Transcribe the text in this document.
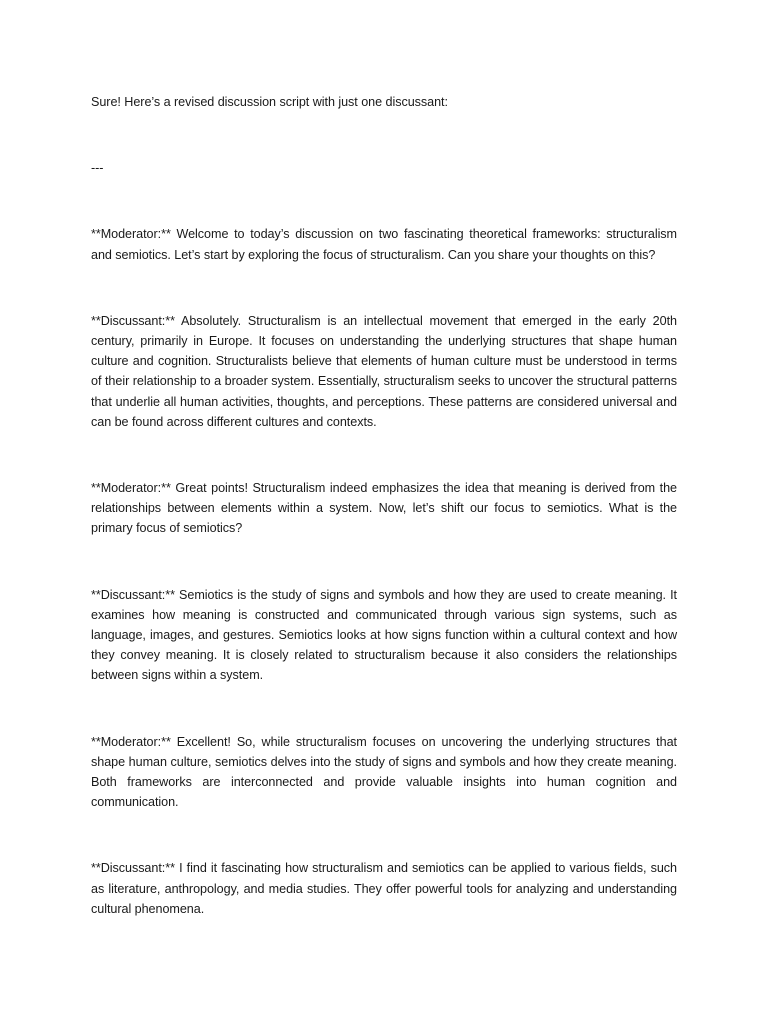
Sure! Here’s a revised discussion script with just one discussant:

---

**Moderator:** Welcome to today’s discussion on two fascinating theoretical frameworks: structuralism and semiotics. Let’s start by exploring the focus of structuralism. Can you share your thoughts on this?

**Discussant:** Absolutely. Structuralism is an intellectual movement that emerged in the early 20th century, primarily in Europe. It focuses on understanding the underlying structures that shape human culture and cognition. Structuralists believe that elements of human culture must be understood in terms of their relationship to a broader system. Essentially, structuralism seeks to uncover the structural patterns that underlie all human activities, thoughts, and perceptions. These patterns are considered universal and can be found across different cultures and contexts.

**Moderator:** Great points! Structuralism indeed emphasizes the idea that meaning is derived from the relationships between elements within a system. Now, let’s shift our focus to semiotics. What is the primary focus of semiotics?

**Discussant:** Semiotics is the study of signs and symbols and how they are used to create meaning. It examines how meaning is constructed and communicated through various sign systems, such as language, images, and gestures. Semiotics looks at how signs function within a cultural context and how they convey meaning. It is closely related to structuralism because it also considers the relationships between signs within a system.

**Moderator:** Excellent! So, while structuralism focuses on uncovering the underlying structures that shape human culture, semiotics delves into the study of signs and symbols and how they create meaning. Both frameworks are interconnected and provide valuable insights into human cognition and communication.

**Discussant:** I find it fascinating how structuralism and semiotics can be applied to various fields, such as literature, anthropology, and media studies. They offer powerful tools for analyzing and understanding cultural phenomena.
